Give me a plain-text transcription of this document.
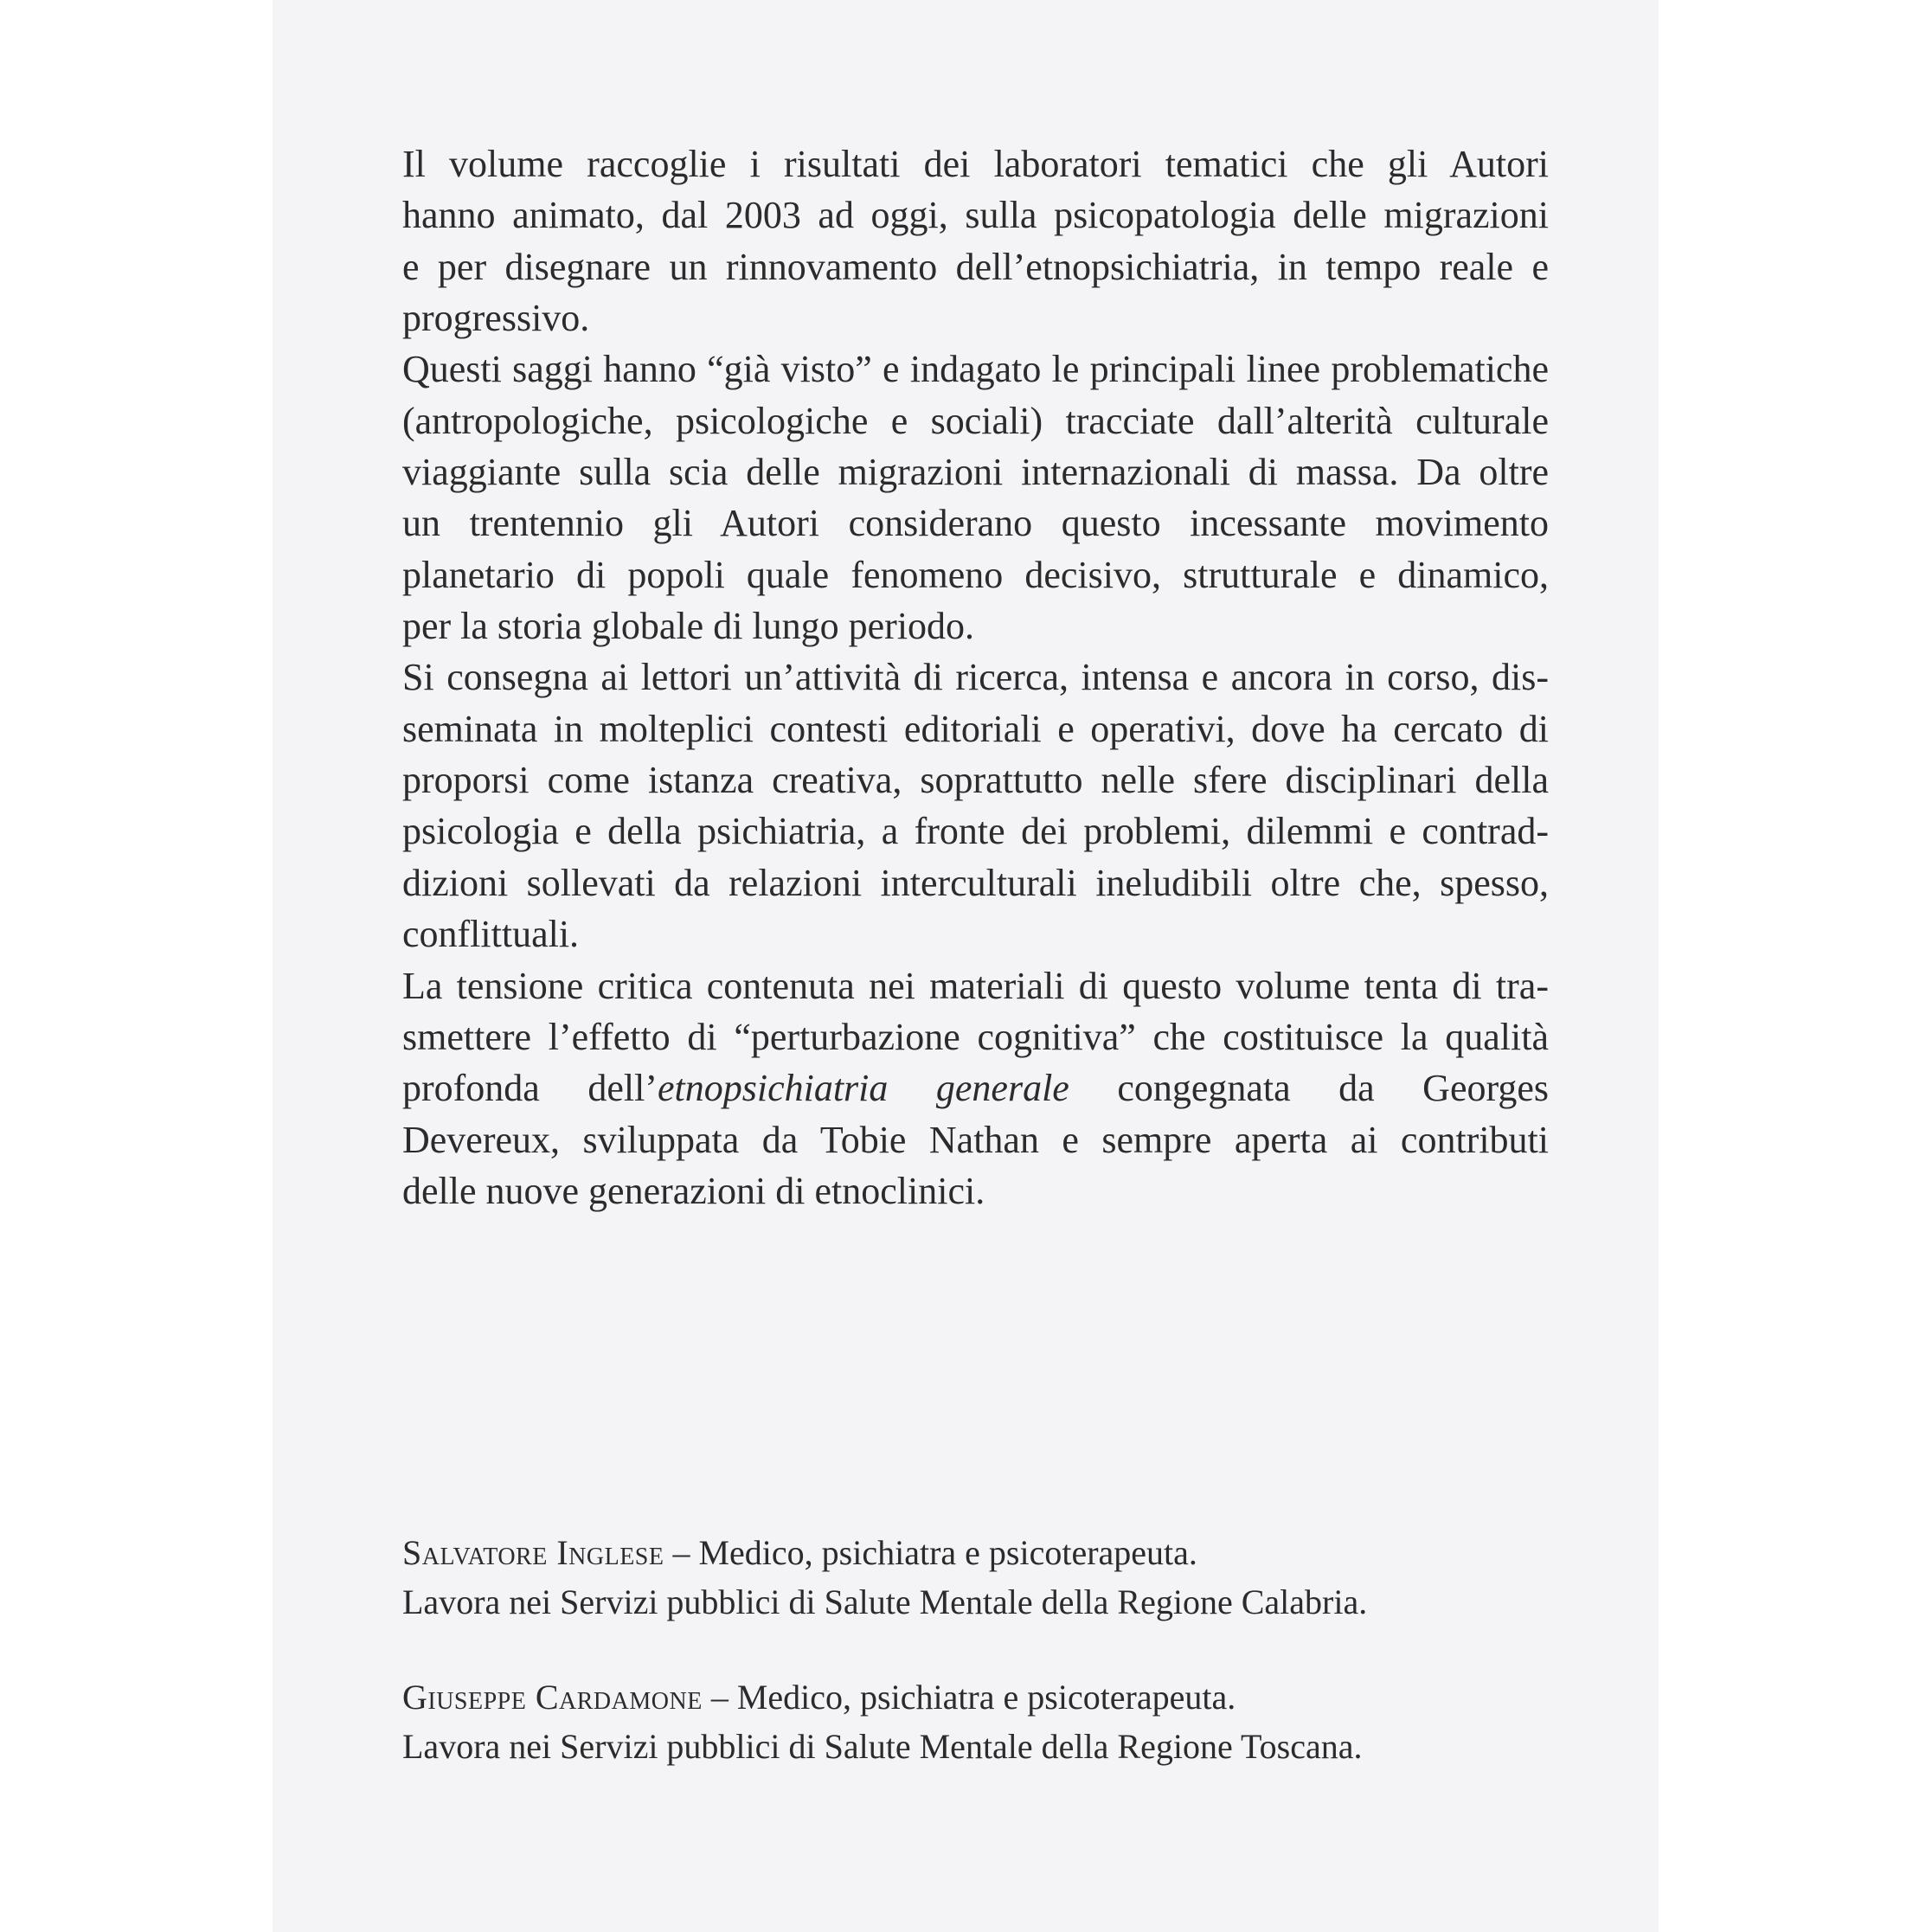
Il volume raccoglie i risultati dei laboratori tematici che gli Autori
hanno animato, dal 2003 ad oggi, sulla psicopatologia delle migrazioni
e per disegnare un rinnovamento dell’etnopsichiatria, in tempo reale e
progressivo.
Questi saggi hanno “già visto” e indagato le principali linee problematiche
(antropologiche, psicologiche e sociali) tracciate dall’alterità culturale
viaggiante sulla scia delle migrazioni internazionali di massa. Da oltre
un trentennio gli Autori considerano questo incessante movimento
planetario di popoli quale fenomeno decisivo, strutturale e dinamico,
per la storia globale di lungo periodo.
Si consegna ai lettori un’attività di ricerca, intensa e ancora in corso, dis-
seminata in molteplici contesti editoriali e operativi, dove ha cercato di
proporsi come istanza creativa, soprattutto nelle sfere disciplinari della
psicologia e della psichiatria, a fronte dei problemi, dilemmi e contrad-
dizioni sollevati da relazioni interculturali ineludibili oltre che, spesso,
conflittuali.
La tensione critica contenuta nei materiali di questo volume tenta di tra-
smettere l’effetto di “perturbazione cognitiva” che costituisce la qualità
profonda dell’etnopsichiatria generale congegnata da Georges
Devereux, sviluppata da Tobie Nathan e sempre aperta ai contributi
delle nuove generazioni di etnoclinici.
Salvatore Inglese – Medico, psichiatra e psicoterapeuta.
Lavora nei Servizi pubblici di Salute Mentale della Regione Calabria.
Giuseppe Cardamone – Medico, psichiatra e psicoterapeuta.
Lavora nei Servizi pubblici di Salute Mentale della Regione Toscana.
